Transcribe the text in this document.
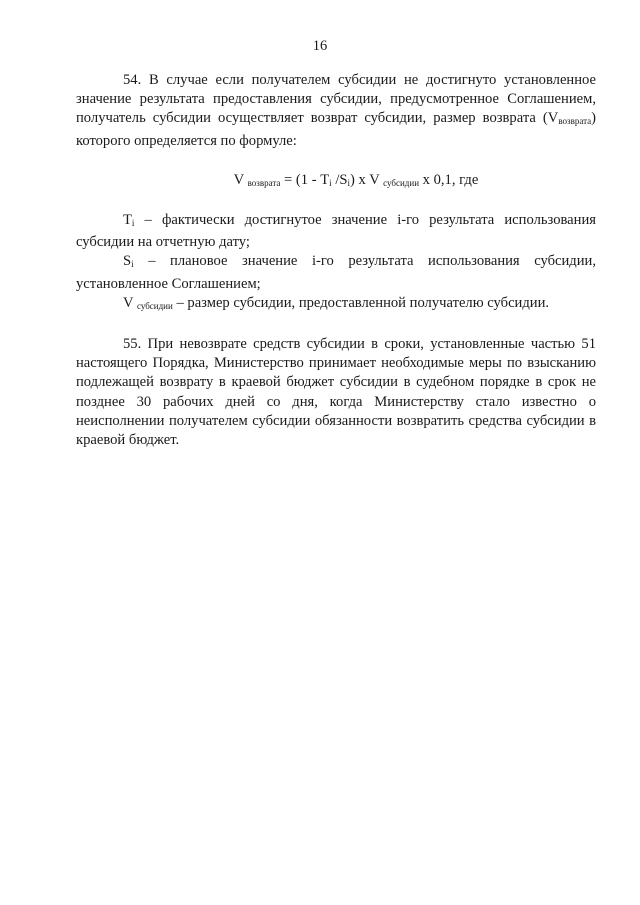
16

54. В случае если получателем субсидии не достигнуто установленное значение результата предоставления субсидии, предусмотренное Соглашением, получатель субсидии осуществляет возврат субсидии, размер возврата $(V_{возврата})$ которого определяется по формуле:

V $_{возврата} = (1 - T_i$ $/S_i$) x V $_{субсидии}$ x 0,1, где

$T_i$ – фактически достигнутое значение i-го результата использования субсидии на отчетную дату;

$S_i$ – плановое значение i-го результата использования субсидии, установленное Соглашением;

V $_{субсидии}$ – размер субсидии, предоставленной получателю субсидии.

55. При невозврате средств субсидии в сроки, установленные частью 51 настоящего Порядка, Министерство принимает необходимые меры по взысканию подлежащей возврату в краевой бюджет субсидии в судебном порядке в срок не позднее 30 рабочих дней со дня, когда Министерству стало известно о неисполнении получателем субсидии обязанности возвратить средства субсидии в краевой бюджет.
